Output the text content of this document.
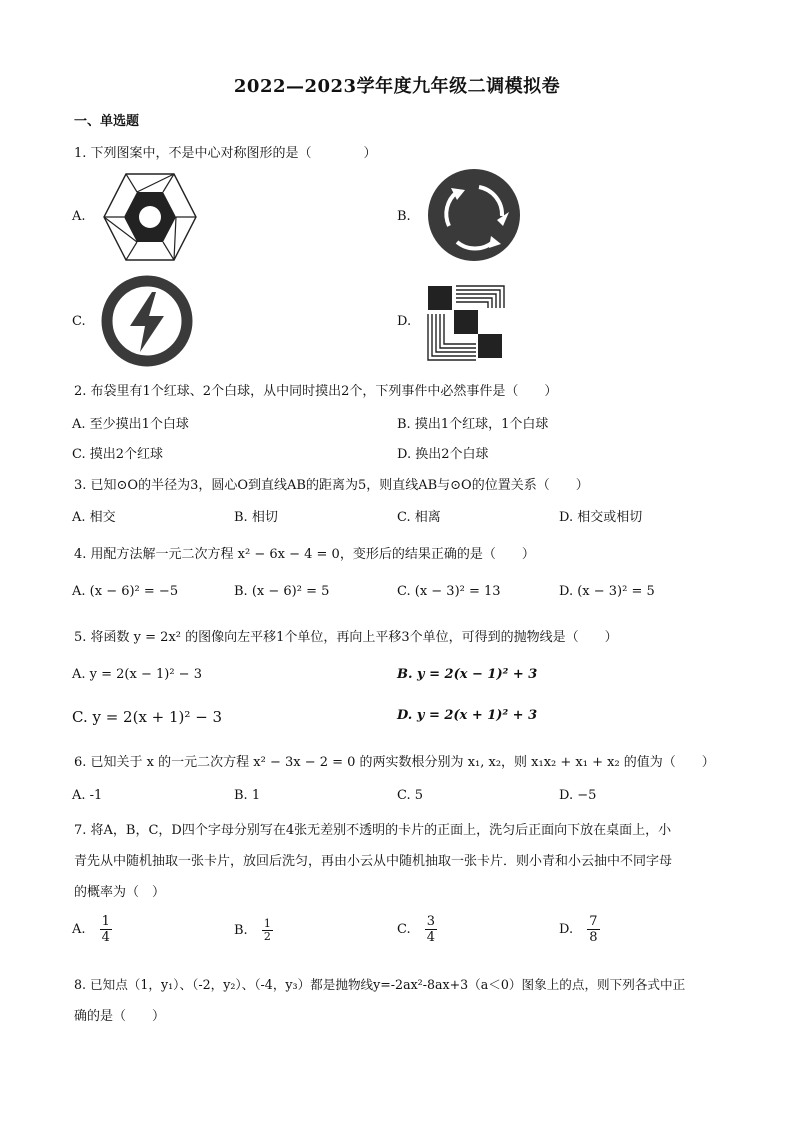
2022—2023学年度九年级二调模拟卷
一、单选题
1. 下列图案中，不是中心对称图形的是（　　　　）
A.	B.
C.	D.
2. 布袋里有1个红球、2个白球，从中同时摸出2个，下列事件中必然事件是（　　）
A. 至少摸出1个白球	B. 摸出1个红球，1个白球
C. 摸出2个红球	D. 换出2个白球
3. 已知⊙O的半径为3，圆心O到直线AB的距离为5，则直线AB与⊙O的位置关系（　　）
A. 相交	B. 相切	C. 相离	D. 相交或相切
4. 用配方法解一元二次方程 x² − 6x − 4 = 0，变形后的结果正确的是（　　）
A. (x − 6)² = −5	B. (x − 6)² = 5	C. (x − 3)² = 13	D. (x − 3)² = 5
5. 将函数 y = 2x² 的图像向左平移1个单位，再向上平移3个单位，可得到的抛物线是（　　）
A. y = 2(x − 1)² − 3	B. y = 2(x − 1)² + 3
C. y = 2(x + 1)² − 3	D. y = 2(x + 1)² + 3
6. 已知关于 x 的一元二次方程 x² − 3x − 2 = 0 的两实数根分别为 x₁, x₂，则 x₁x₂ + x₁ + x₂ 的值为（　　）
A. -1	B. 1	C. 5	D. −5
7. 将A，B，C，D四个字母分别写在4张无差别不透明的卡片的正面上，洗匀后正面向下放在桌面上，小
青先从中随机抽取一张卡片，放回后洗匀，再由小云从中随机抽取一张卡片．则小青和小云抽中不同字母
的概率为（　）
A. $\frac{1}{4}$	B. $\frac{1}{2}$	C. $\frac{3}{4}$	D. $\frac{7}{8}$
8. 已知点（1，y₁）、（-2，y₂）、（-4，y₃）都是抛物线y=-2ax²-8ax+3（a＜0）图象上的点，则下列各式中正
确的是（　　）
